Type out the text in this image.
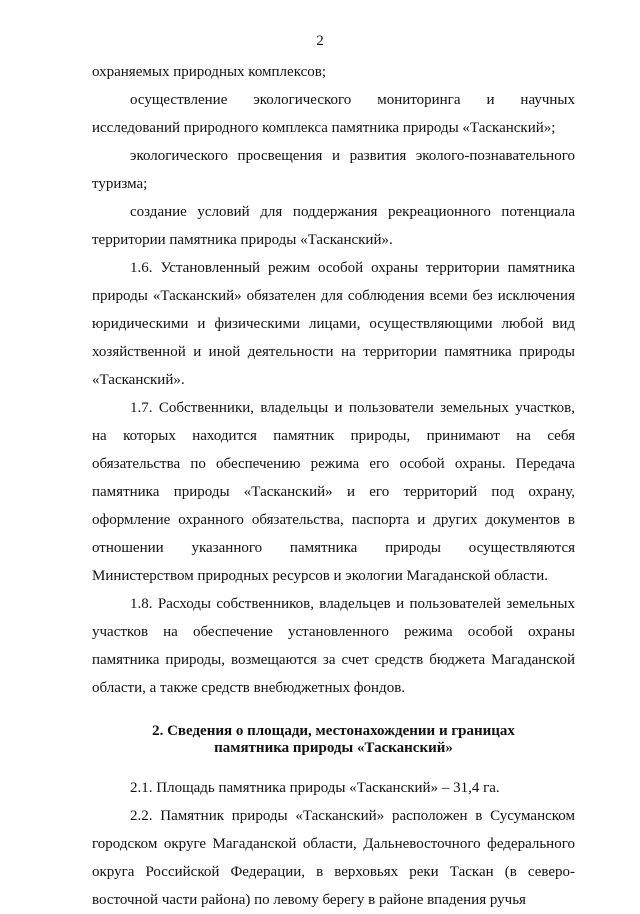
2

охраняемых природных комплексов;

осуществление экологического мониторинга и научных исследований природного комплекса памятника природы «Тасканский»;

экологического просвещения и развития эколого-познавательного туризма;

создание условий для поддержания рекреационного потенциала территории памятника природы «Тасканский».

1.6. Установленный режим особой охраны территории памятника природы «Тасканский» обязателен для соблюдения всеми без исключения юридическими и физическими лицами, осуществляющими любой вид хозяйственной и иной деятельности на территории памятника природы «Тасканский».

1.7. Собственники, владельцы и пользователи земельных участков, на которых находится памятник природы, принимают на себя обязательства по обеспечению режима его особой охраны. Передача памятника природы «Тасканский» и его территорий под охрану, оформление охранного обязательства, паспорта и других документов в отношении указанного памятника природы осуществляются Министерством природных ресурсов и экологии Магаданской области.

1.8. Расходы собственников, владельцев и пользователей земельных участков на обеспечение установленного режима особой охраны памятника природы, возмещаются за счет средств бюджета Магаданской области, а также средств внебюджетных фондов.

2. Сведения о площади, местонахождении и границах
памятника природы «Тасканский»

2.1. Площадь памятника природы «Тасканский» – 31,4 га.

2.2. Памятник природы «Тасканский» расположен в Сусуманском городском округе Магаданской области, Дальневосточного федерального округа Российской Федерации, в верховьях реки Таскан (в северо-восточной части района) по левому берегу в районе впадения ручья
